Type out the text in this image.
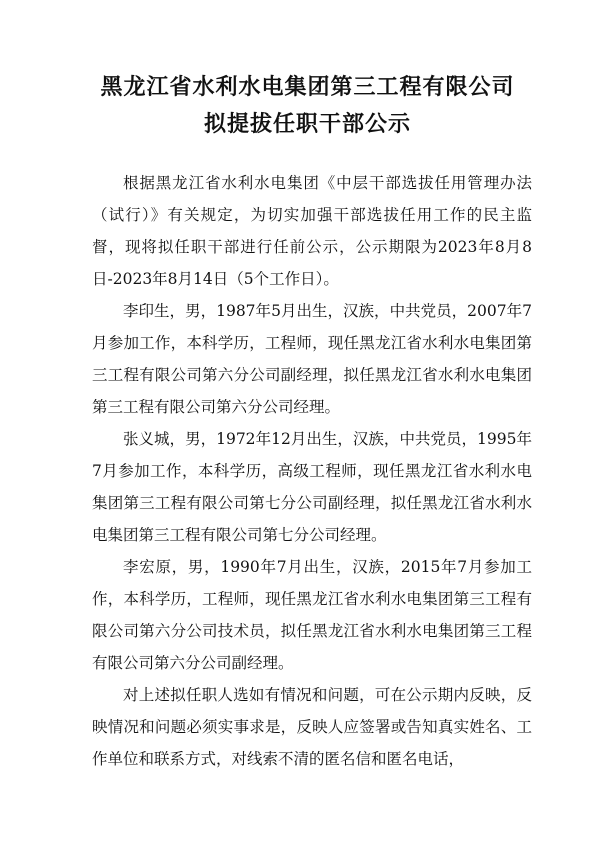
黑龙江省水利水电集团第三工程有限公司
拟提拔任职干部公示

根据黑龙江省水利水电集团《中层干部选拔任用管理办法（试行）》有关规定，为切实加强干部选拔任用工作的民主监督，现将拟任职干部进行任前公示，公示期限为2023年8月8日-2023年8月14日（5个工作日）。

李印生，男，1987年5月出生，汉族，中共党员，2007年7月参加工作，本科学历，工程师，现任黑龙江省水利水电集团第三工程有限公司第六分公司副经理，拟任黑龙江省水利水电集团第三工程有限公司第六分公司经理。

张义城，男，1972年12月出生，汉族，中共党员，1995年7月参加工作，本科学历，高级工程师，现任黑龙江省水利水电集团第三工程有限公司第七分公司副经理，拟任黑龙江省水利水电集团第三工程有限公司第七分公司经理。

李宏原，男，1990年7月出生，汉族，2015年7月参加工作，本科学历，工程师，现任黑龙江省水利水电集团第三工程有限公司第六分公司技术员，拟任黑龙江省水利水电集团第三工程有限公司第六分公司副经理。

对上述拟任职人选如有情况和问题，可在公示期内反映，反映情况和问题必须实事求是，反映人应签署或告知真实姓名、工作单位和联系方式，对线索不清的匿名信和匿名电话，
